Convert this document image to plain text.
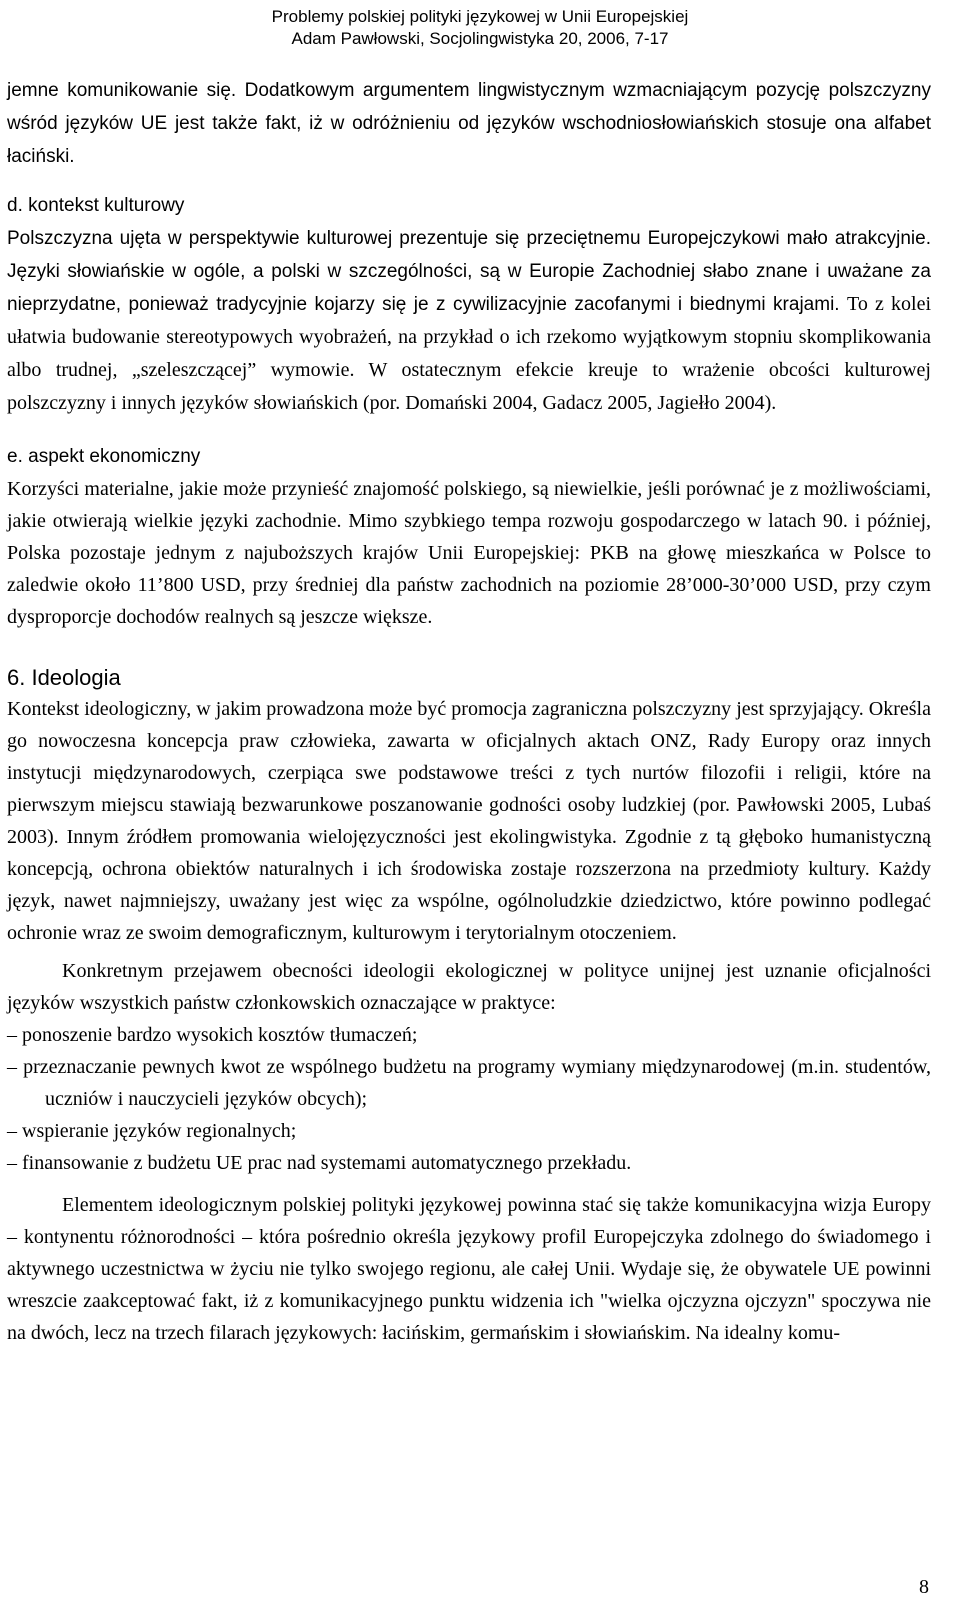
Problemy polskiej polityki językowej w Unii Europejskiej
Adam Pawłowski, Socjolingwistyka 20, 2006, 7-17

jemne komunikowanie się. Dodatkowym argumentem lingwistycznym wzmacniającym pozycję polszczyzny wśród języków UE jest także fakt, iż w odróżnieniu od języków wschodniosłowiańskich stosuje ona alfabet łaciński.

d. kontekst kulturowy

Polszczyzna ujęta w perspektywie kulturowej prezentuje się przeciętnemu Europejczykowi mało atrakcyjnie. Języki słowiańskie w ogóle, a polski w szczególności, są w Europie Zachodniej słabo znane i uważane za nieprzydatne, ponieważ tradycyjnie kojarzy się je z cywilizacyjnie zacofanymi i biednymi krajami. To z kolei ułatwia budowanie stereotypowych wyobrażeń, na przykład o ich rzekomo wyjątkowym stopniu skomplikowania albo trudnej, „szeleszczącej” wymowie. W ostatecznym efekcie kreuje to wrażenie obcości kulturowej polszczyzny i innych języków słowiańskich (por. Domański 2004, Gadacz 2005, Jagiełło 2004).

e. aspekt ekonomiczny

Korzyści materialne, jakie może przynieść znajomość polskiego, są niewielkie, jeśli porównać je z możliwościami, jakie otwierają wielkie języki zachodnie. Mimo szybkiego tempa rozwoju gospodarczego w latach 90. i później, Polska pozostaje jednym z najuboższych krajów Unii Europejskiej: PKB na głowę mieszkańca w Polsce to zaledwie około 11’800 USD, przy średniej dla państw zachodnich na poziomie 28’000-30’000 USD, przy czym dysproporcje dochodów realnych są jeszcze większe.

6. Ideologia

Kontekst ideologiczny, w jakim prowadzona może być promocja zagraniczna polszczyzny jest sprzyjający. Określa go nowoczesna koncepcja praw człowieka, zawarta w oficjalnych aktach ONZ, Rady Europy oraz innych instytucji międzynarodowych, czerpiąca swe podstawowe treści z tych nurtów filozofii i religii, które na pierwszym miejscu stawiają bezwarunkowe poszanowanie godności osoby ludzkiej (por. Pawłowski 2005, Lubaś 2003). Innym źródłem promowania wielojęzyczności jest ekolingwistyka. Zgodnie z tą głęboko humanistyczną koncepcją, ochrona obiektów naturalnych i ich środowiska zostaje rozszerzona na przedmioty kultury. Każdy język, nawet najmniejszy, uważany jest więc za wspólne, ogólnoludzkie dziedzictwo, które powinno podlegać ochronie wraz ze swoim demograficznym, kulturowym i terytorialnym otoczeniem.

Konkretnym przejawem obecności ideologii ekologicznej w polityce unijnej jest uznanie oficjalności języków wszystkich państw członkowskich oznaczające w praktyce:

– ponoszenie bardzo wysokich kosztów tłumaczeń;
– przeznaczanie pewnych kwot ze wspólnego budżetu na programy wymiany międzynarodowej (m.in. studentów, uczniów i nauczycieli języków obcych);
– wspieranie języków regionalnych;
– finansowanie z budżetu UE prac nad systemami automatycznego przekładu.

Elementem ideologicznym polskiej polityki językowej powinna stać się także komunikacyjna wizja Europy – kontynentu różnorodności – która pośrednio określa językowy profil Europejczyka zdolnego do świadomego i aktywnego uczestnictwa w życiu nie tylko swojego regionu, ale całej Unii. Wydaje się, że obywatele UE powinni wreszcie zaakceptować fakt, iż z komunikacyjnego punktu widzenia ich "wielka ojczyzna ojczyzn" spoczywa nie na dwóch, lecz na trzech filarach językowych: łacińskim, germańskim i słowiańskim. Na idealny komu-

8
